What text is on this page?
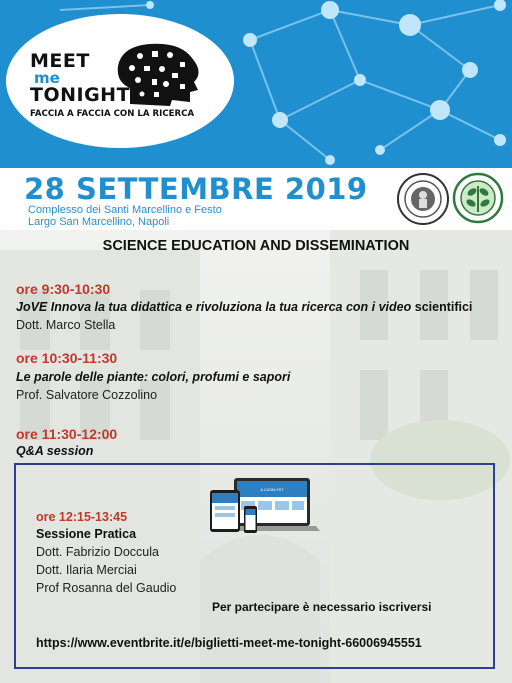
MEET
me
TONIGHT
FACCIA A FACCIA CON LA RICERCA
28 SETTEMBRE 2019
Complesso dei Santi Marcellino e Festo
Largo San Marcellino, Napoli
SCIENCE EDUCATION AND DISSEMINATION
ore 9:30-10:30
JoVE Innova la tua didattica e rivoluziona la tua ricerca con i video scientifici
Dott. Marco Stella
ore 10:30-11:30
Le parole delle piante: colori, profumi e sapori
Prof. Salvatore Cozzolino
ore 11:30-12:00
Q&A session
A CATALYST
ore 12:15-13:45
Sessione Pratica
Dott. Fabrizio Doccula
Dott. Ilaria Merciai
Prof Rosanna del Gaudio
Per partecipare è necessario iscriversi
https://www.eventbrite.it/e/biglietti-meet-me-tonight-66006945551
